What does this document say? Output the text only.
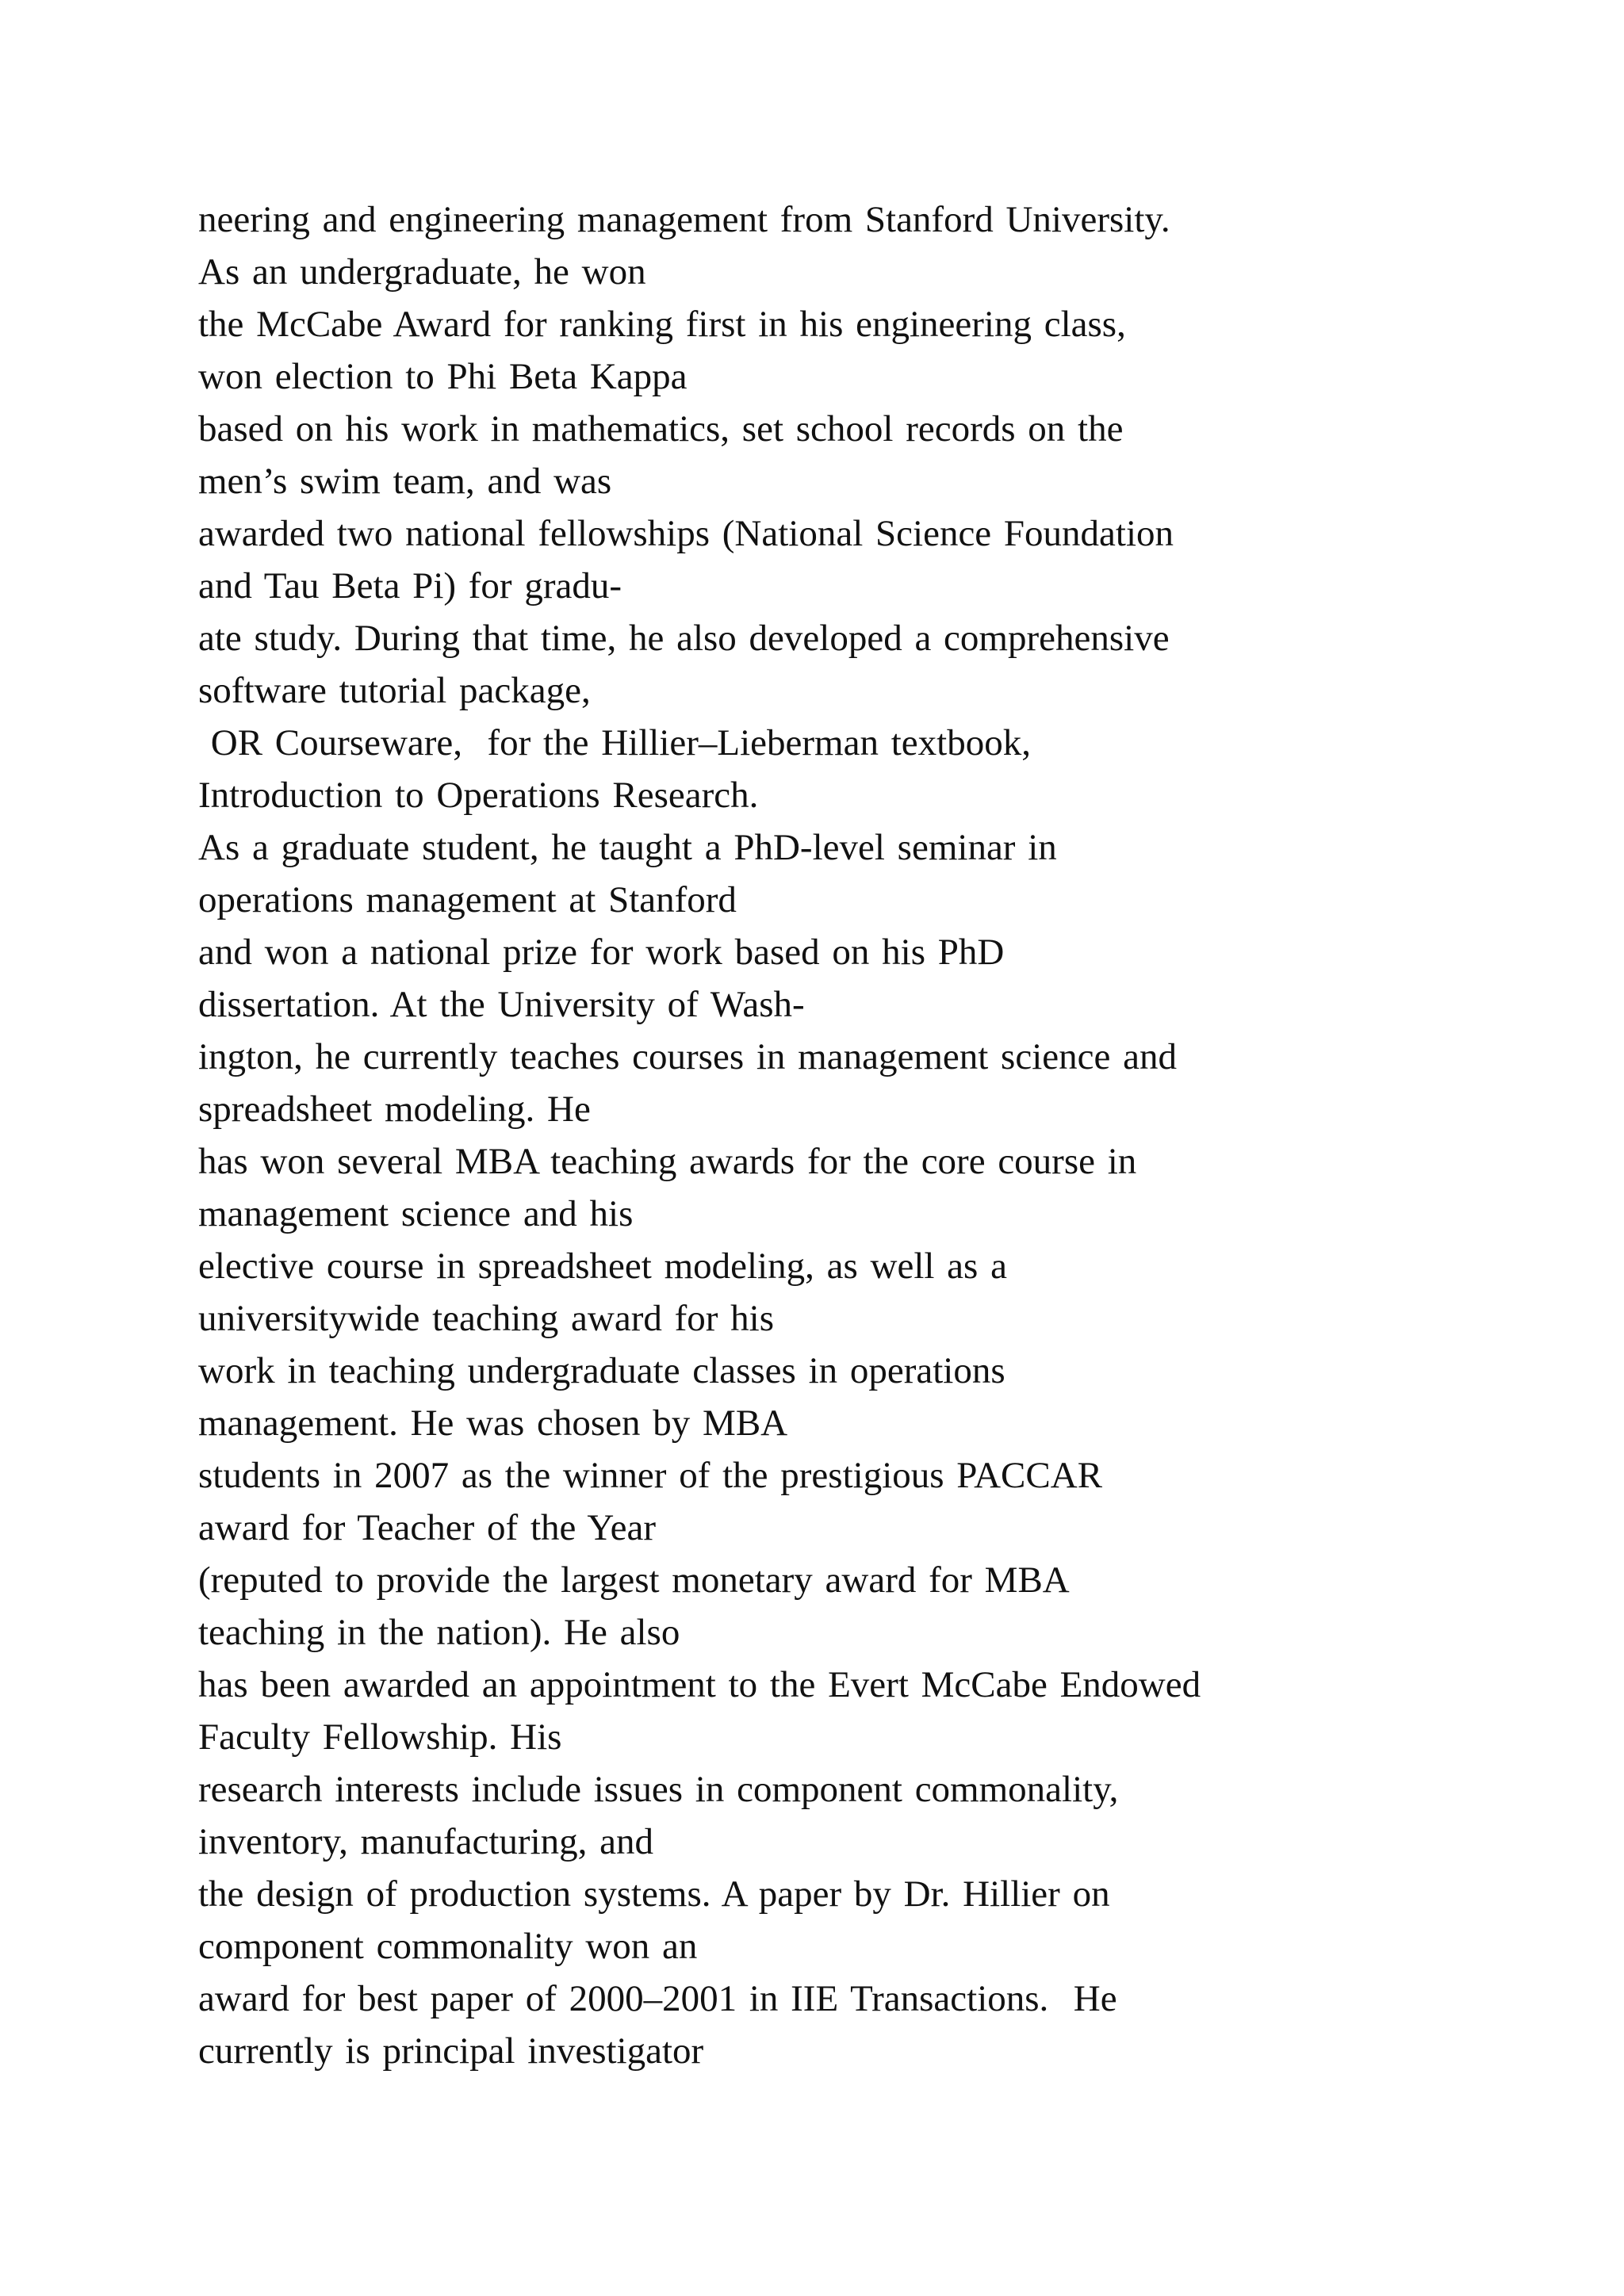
neering and engineering management from Stanford University.
As an undergraduate, he won
the McCabe Award for ranking first in his engineering class,
won election to Phi Beta Kappa
based on his work in mathematics, set school records on the
men’s swim team, and was
awarded two national fellowships (National Science Foundation
and Tau Beta Pi) for gradu-
ate study. During that time, he also developed a comprehensive
software tutorial package,
OR Courseware,  for the Hillier–Lieberman textbook,
Introduction to Operations Research.
As a graduate student, he taught a PhD-level seminar in
operations management at Stanford
and won a national prize for work based on his PhD
dissertation. At the University of Wash-
ington, he currently teaches courses in management science and
spreadsheet modeling. He
has won several MBA teaching awards for the core course in
management science and his
elective course in spreadsheet modeling, as well as a
universitywide teaching award for his
work in teaching undergraduate classes in operations
management. He was chosen by MBA
students in 2007 as the winner of the prestigious PACCAR
award for Teacher of the Year
(reputed to provide the largest monetary award for MBA
teaching in the nation). He also
has been awarded an appointment to the Evert McCabe Endowed
Faculty Fellowship. His
research interests include issues in component commonality,
inventory, manufacturing, and
the design of production systems. A paper by Dr. Hillier on
component commonality won an
award for best paper of 2000–2001 in IIE Transactions.  He
currently is principal investigator
